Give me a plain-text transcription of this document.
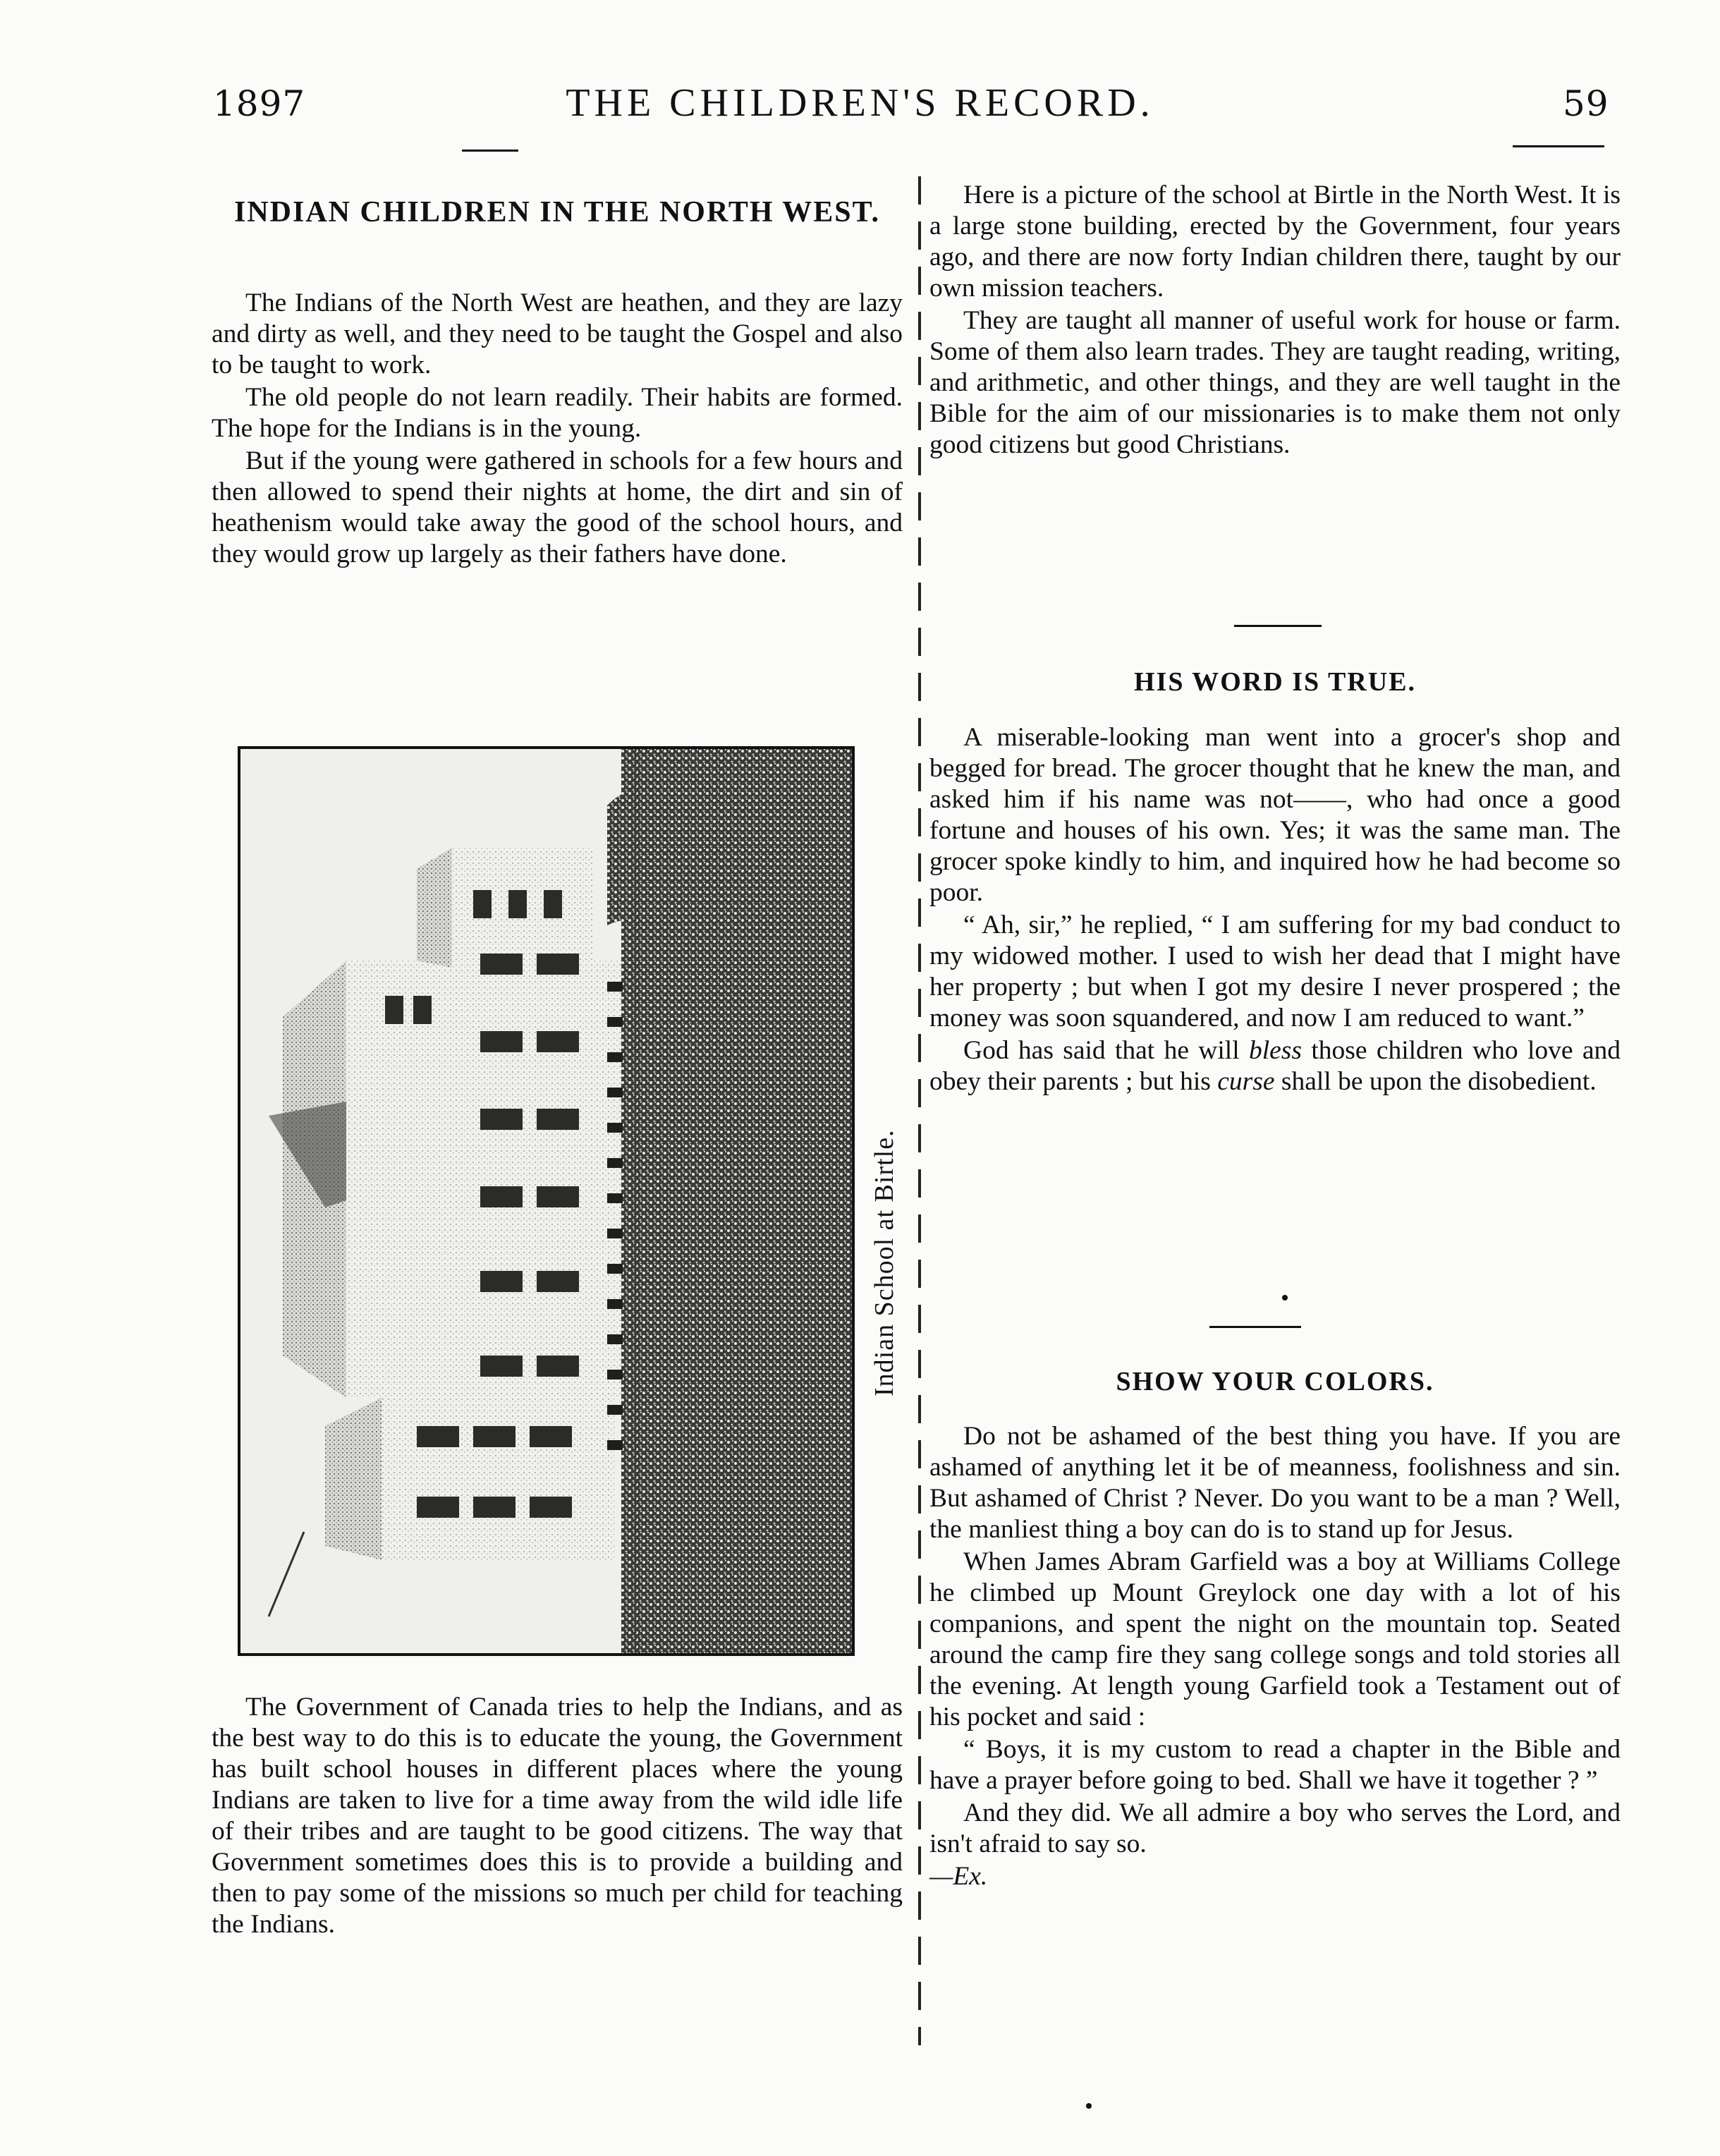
1897	THE CHILDREN'S RECORD.	59
INDIAN CHILDREN IN THE NORTH WEST.

The Indians of the North West are heathen, and they are lazy and dirty as well, and they need to be taught the Gospel and also to be taught to work.

The old people do not learn readily. Their habits are formed. The hope for the Indians is in the young.

But if the young were gathered in schools for a few hours and then allowed to spend their nights at home, the dirt and sin of heathenism would take away the good of the school hours, and they would grow up largely as their fathers have done.

Indian School at Birtle.

The Government of Canada tries to help the Indians, and as the best way to do this is to educate the young, the Government has built school houses in different places where the young Indians are taken to live for a time away from the wild idle life of their tribes and are taught to be good citizens. The way that Government sometimes does this is to provide a building and then to pay some of the missions so much per child for teaching the Indians.

Here is a picture of the school at Birtle in the North West. It is a large stone building, erected by the Government, four years ago, and there are now forty Indian children there, taught by our own mission teachers.

They are taught all manner of useful work for house or farm. Some of them also learn trades. They are taught reading, writing, and arithmetic, and other things, and they are well taught in the Bible for the aim of our missionaries is to make them not only good citizens but good Christians.

HIS WORD IS TRUE.

A miserable-looking man went into a grocer's shop and begged for bread. The grocer thought that he knew the man, and asked him if his name was not——, who had once a good fortune and houses of his own. Yes; it was the same man. The grocer spoke kindly to him, and inquired how he had become so poor.

“ Ah, sir,” he replied, “ I am suffering for my bad conduct to my widowed mother. I used to wish her dead that I might have her property ; but when I got my desire I never prospered ; the money was soon squandered, and now I am reduced to want.”

God has said that he will bless those children who love and obey their parents ; but his curse shall be upon the disobedient.

SHOW YOUR COLORS.

Do not be ashamed of the best thing you have. If you are ashamed of anything let it be of meanness, foolishness and sin. But ashamed of Christ ? Never. Do you want to be a man ? Well, the manliest thing a boy can do is to stand up for Jesus.

When James Abram Garfield was a boy at Williams College he climbed up Mount Greylock one day with a lot of his companions, and spent the night on the mountain top. Seated around the camp fire they sang college songs and told stories all the evening. At length young Garfield took a Testament out of his pocket and said :

“ Boys, it is my custom to read a chapter in the Bible and have a prayer before going to bed. Shall we have it together ? ”

And they did. We all admire a boy who serves the Lord, and isn't afraid to say so.

—Ex.
